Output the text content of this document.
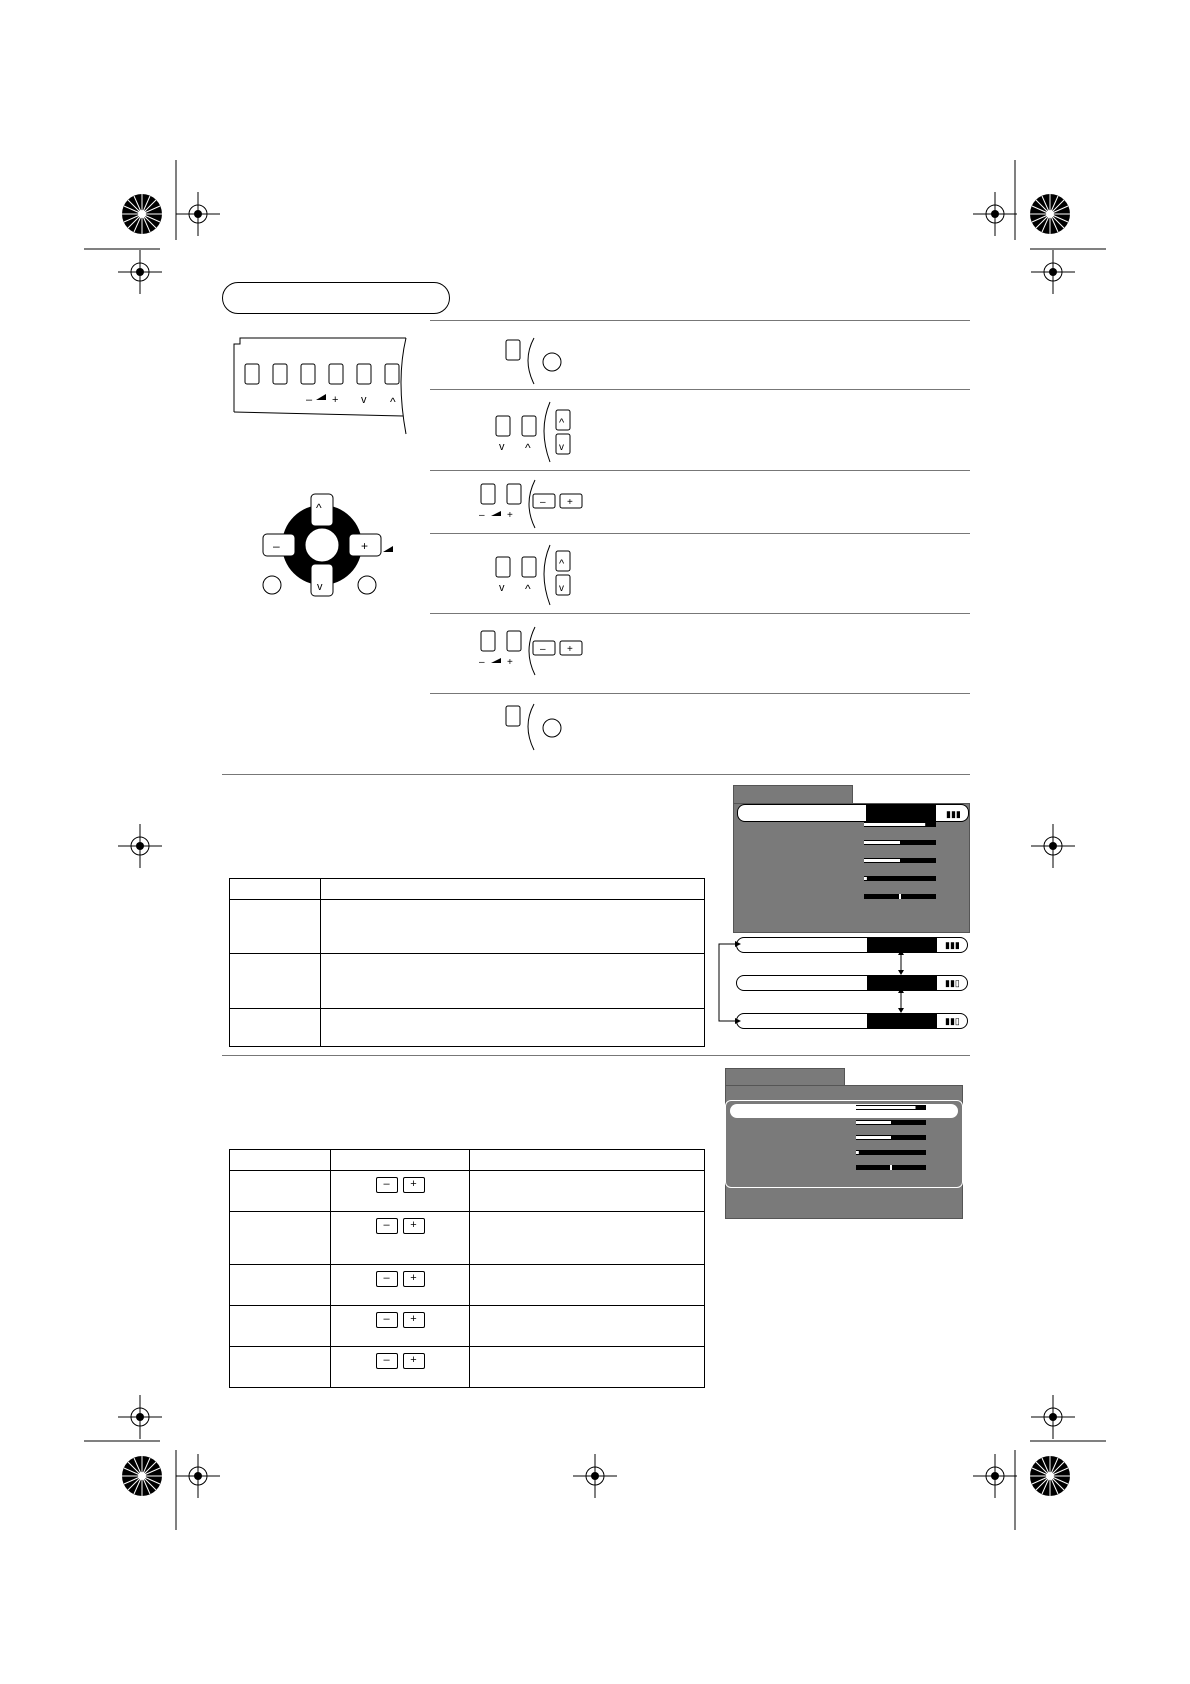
– + v ^
^
v
–	+
v ^
^
v
– +
– +
v ^
^
v
– +
– +

▮▮▮
▮▮▮
▮▮▯
▮▮▯

	– +	

	– +	

	– +	

	– +	

	– +	
